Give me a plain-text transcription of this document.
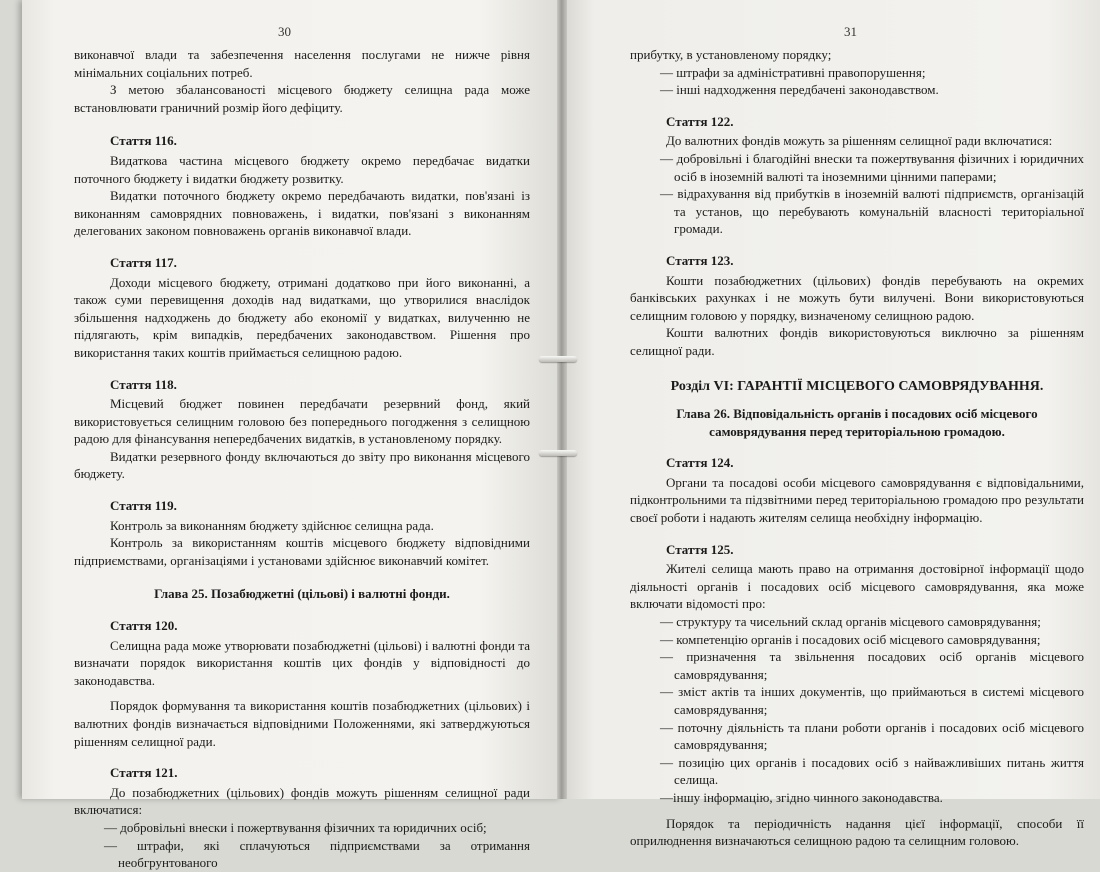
30

виконавчої влади та забезпечення населення послугами не нижче рівня мінімальних соціальних потреб.

З метою збалансованості місцевого бюджету селищна рада може встановлювати граничний розмір його дефіциту.

Стаття 116.

Видаткова частина місцевого бюджету окремо передбачає видатки поточного бюджету і видатки бюджету розвитку.

Видатки поточного бюджету окремо передбачають видатки, пов'язані із виконанням самоврядних повноважень, і видатки, пов'язані з виконанням делегованих законом повноважень органів виконавчої влади.

Стаття 117.

Доходи місцевого бюджету, отримані додатково при його виконанні, а також суми перевищення доходів над видатками, що утворилися внаслідок збільшення надходжень до бюджету або економії у видатках, вилученню не підлягають, крім випадків, передбачених законодавством. Рішення про використання таких коштів приймається селищною радою.

Стаття 118.

Місцевий бюджет повинен передбачати резервний фонд, який використовується селищним головою без попереднього погодження з селищною радою для фінансування непередбачених видатків, в установленому порядку.

Видатки резервного фонду включаються до звіту про виконання місцевого бюджету.

Стаття 119.

Контроль за виконанням бюджету здійснює селищна рада.

Контроль за використанням коштів місцевого бюджету відповідними підприємствами, організаціями і установами здійснює виконавчий комітет.

Глава 25. Позабюджетні (цільові) і валютні фонди.
Стаття 120.

Селищна рада може утворювати позабюджетні (цільові) і валютні фонди та визначати порядок використання коштів цих фондів у відповідності до законодавства.

Порядок формування та використання коштів позабюджетних (цільових) і валютних фондів визначається відповідними Положеннями, які затверджуються рішенням селищної ради.

Стаття 121.

До позабюджетних (цільових) фондів можуть рішенням селищної ради включатися:

— добровільні внески і пожертвування фізичних та юридичних осіб;

— штрафи, які сплачуються підприємствами за отримання необгрунтованого

31

прибутку, в установленому порядку;

— штрафи за адміністративні правопорушення;

— інші надходження передбачені законодавством.

Стаття 122.

До валютних фондів можуть за рішенням селищної ради включатися:

— добровільні і благодійні внески та пожертвування фізичних і юридичних осіб в іноземній валюті та іноземними цінними паперами;

— відрахування від прибутків в іноземній валюті підприємств, організацій та установ, що перебувають комунальній власності територіальної громади.

Стаття 123.

Кошти позабюджетних (цільових) фондів перебувають на окремих банківських рахунках і не можуть бути вилучені. Вони використовуються селищним головою у порядку, визначеному селищною радою.

Кошти валютних фондів використовуються виключно за рішенням селищної ради.

Розділ VI: ГАРАНТІЇ МІСЦЕВОГО САМОВРЯДУВАННЯ.
Глава 26. Відповідальність органів і посадових осіб місцевого самоврядування перед територіальною громадою.
Стаття 124.

Органи та посадові особи місцевого самоврядування є відповідальними, підконтрольними та підзвітними перед територіальною громадою про результати своєї роботи і надають жителям селища необхідну інформацію.

Стаття 125.

Жителі селища мають право на отримання достовірної інформації щодо діяльності органів і посадових осіб місцевого самоврядування, яка може включати відомості про:

— структуру та чисельний склад органів місцевого самоврядування;

— компетенцію органів і посадових осіб місцевого самоврядування;

— призначення та звільнення посадових осіб органів місцевого самоврядування;

— зміст актів та інших документів, що приймаються в системі місцевого самоврядування;

— поточну діяльність та плани роботи органів і посадових осіб місцевого самоврядування;

— позицію цих органів і посадових осіб з найважливіших питань життя селища.

—іншу інформацію, згідно чинного законодавства.

Порядок та періодичність надання цієї інформації, способи її оприлюднення визначаються селищною радою та селищним головою.
